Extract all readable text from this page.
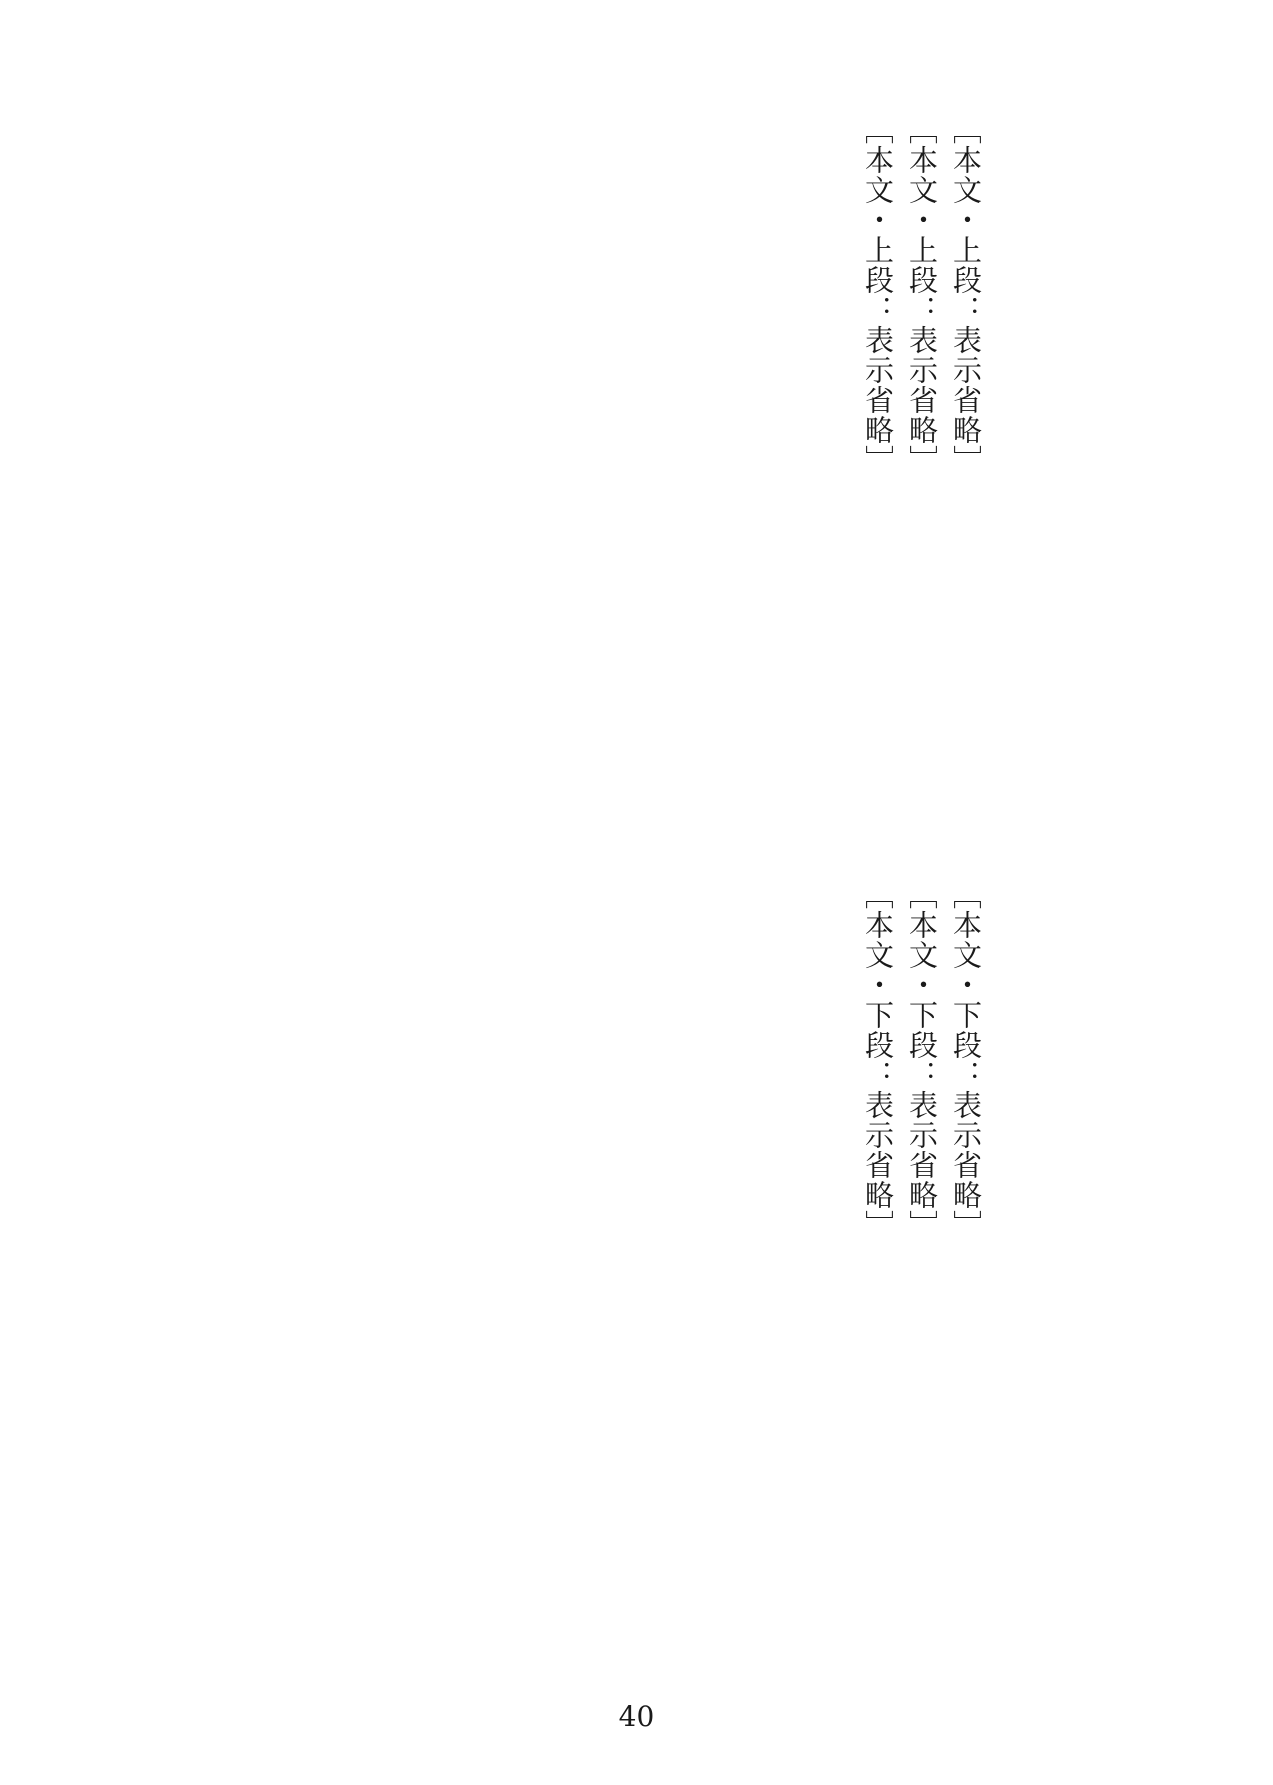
［本文・上段：表示省略］
［本文・上段：表示省略］
［本文・上段：表示省略］
［本文・下段：表示省略］
［本文・下段：表示省略］
［本文・下段：表示省略］
40
